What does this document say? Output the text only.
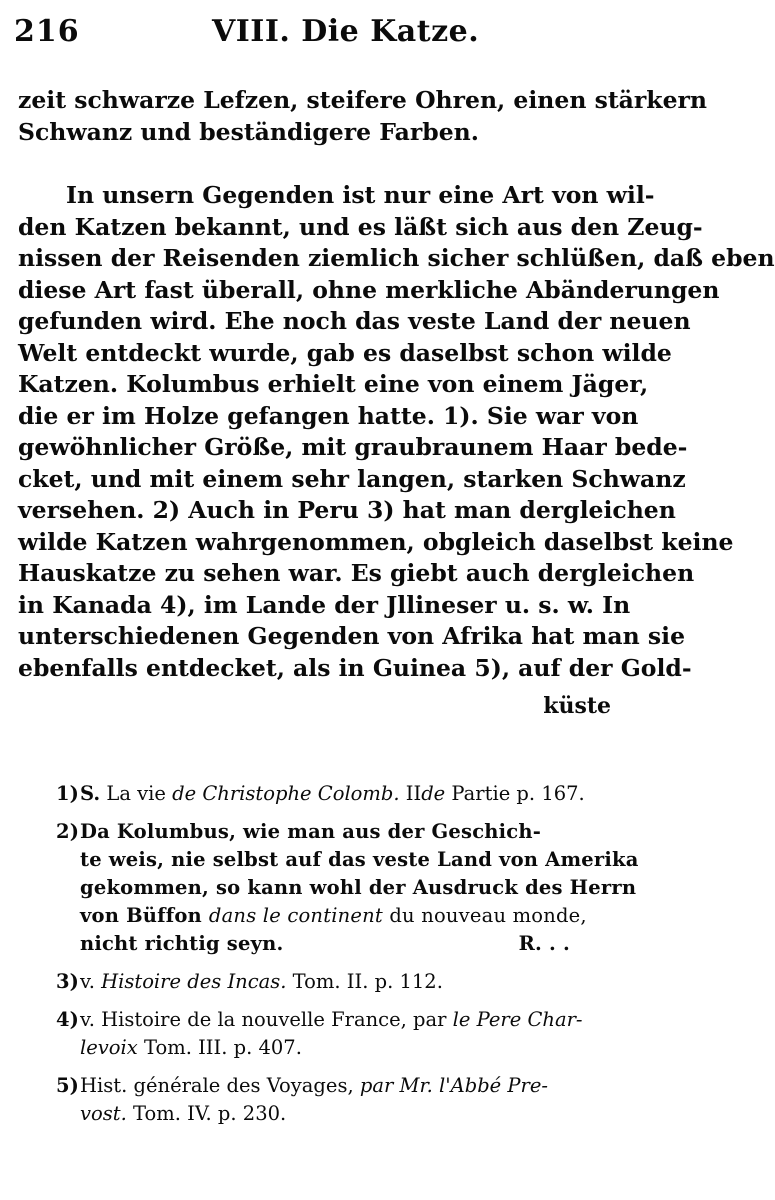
216	VIII. Die Katze.
zeit schwarze Lefzen, steifere Ohren, einen stärkern
Schwanz und beständigere Farben.
In unsern Gegenden ist nur eine Art von wil-
den Katzen bekannt, und es läßt sich aus den Zeug-
nissen der Reisenden ziemlich sicher schlüßen, daß eben
diese Art fast überall, ohne merkliche Abänderungen
gefunden wird. Ehe noch das veste Land der neuen
Welt entdeckt wurde, gab es daselbst schon wilde
Katzen. Kolumbus erhielt eine von einem Jäger,
die er im Holze gefangen hatte. 1). Sie war von
gewöhnlicher Größe, mit graubraunem Haar bede-
cket, und mit einem sehr langen, starken Schwanz
versehen. 2) Auch in Peru 3) hat man dergleichen
wilde Katzen wahrgenommen, obgleich daselbst keine
Hauskatze zu sehen war. Es giebt auch dergleichen
in Kanada 4), im Lande der Jllineser u. s. w. In
unterschiedenen Gegenden von Afrika hat man sie
ebenfalls entdecket, als in Guinea 5), auf der Gold-
küste
1)S. La vie de Christophe Colomb. IIde Partie p. 167.
2)Da Kolumbus, wie man aus der Geschich-
te weis, nie selbst auf das veste Land von Amerika
gekommen, so kann wohl der Ausdruck des Herrn
von Büffon dans le continent du nouveau monde,
nicht richtig seyn.	R. . .
3)v. Histoire des Incas. Tom. II. p. 112.
4)v. Histoire de la nouvelle France, par le Pere Char-
levoix Tom. III. p. 407.
5)Hist. générale des Voyages, par Mr. l'Abbé Pre-
vost. Tom. IV. p. 230.
